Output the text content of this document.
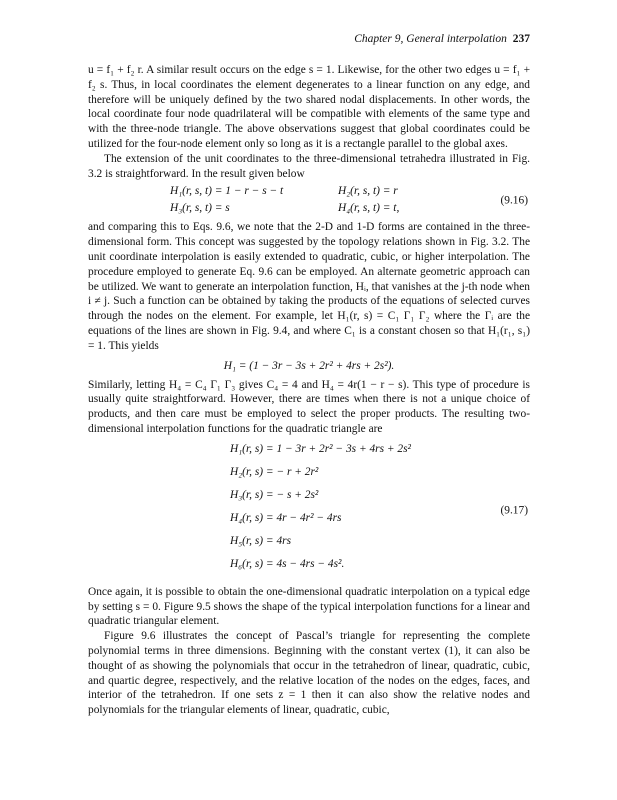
Chapter 9, General interpolation 237

u = f₁ + f₂ r. A similar result occurs on the edge s = 1. Likewise, for the other two edges u = f₁ + f₂ s. Thus, in local coordinates the element degenerates to a linear function on any edge, and therefore will be uniquely defined by the two shared nodal displacements. In other words, the local coordinate four node quadrilateral will be compatible with elements of the same type and with the three-node triangle. The above observations suggest that global coordinates could be utilized for the four-node element only so long as it is a rectangle parallel to the global axes.

The extension of the unit coordinates to the three-dimensional tetrahedra illustrated in Fig. 3.2 is straightforward. In the result given below

H₁(r, s, t) = 1 − r − s − t	H₂(r, s, t) = r
H₃(r, s, t) = s	H₄(r, s, t) = t,
(9.16)

and comparing this to Eqs. 9.6, we note that the 2-D and 1-D forms are contained in the three-dimensional form. This concept was suggested by the topology relations shown in Fig. 3.2. The unit coordinate interpolation is easily extended to quadratic, cubic, or higher interpolation. The procedure employed to generate Eq. 9.6 can be employed. An alternate geometric approach can be utilized. We want to generate an interpolation function, Hᵢ, that vanishes at the j-th node when i ≠ j. Such a function can be obtained by taking the products of the equations of selected curves through the nodes on the element. For example, let H₁(r, s) = C₁ Γ₁ Γ₂ where the Γᵢ are the equations of the lines are shown in Fig. 9.4, and where C₁ is a constant chosen so that H₁(r₁, s₁) = 1. This yields

H₁ = (1 − 3r − 3s + 2r² + 4rs + 2s²).

Similarly, letting H₄ = C₄ Γ₁ Γ₃ gives C₄ = 4 and H₄ = 4r(1 − r − s). This type of procedure is usually quite straightforward. However, there are times when there is not a unique choice of products, and then care must be employed to select the proper products. The resulting two-dimensional interpolation functions for the quadratic triangle are

H₁(r, s) = 1 − 3r + 2r² − 3s + 4rs + 2s²
H₂(r, s) = − r + 2r²
H₃(r, s) = − s + 2s²
H₄(r, s) = 4r − 4r² − 4rs
H₅(r, s) = 4rs
H₆(r, s) = 4s − 4rs − 4s².
(9.17)

Once again, it is possible to obtain the one-dimensional quadratic interpolation on a typical edge by setting s = 0. Figure 9.5 shows the shape of the typical interpolation functions for a linear and quadratic triangular element.

Figure 9.6 illustrates the concept of Pascal’s triangle for representing the complete polynomial terms in three dimensions. Beginning with the constant vertex (1), it can also be thought of as showing the polynomials that occur in the tetrahedron of linear, quadratic, cubic, and quartic degree, respectively, and the relative location of the nodes on the edges, faces, and interior of the tetrahedron. If one sets z = 1 then it can also show the relative nodes and polynomials for the triangular elements of linear, quadratic, cubic,
